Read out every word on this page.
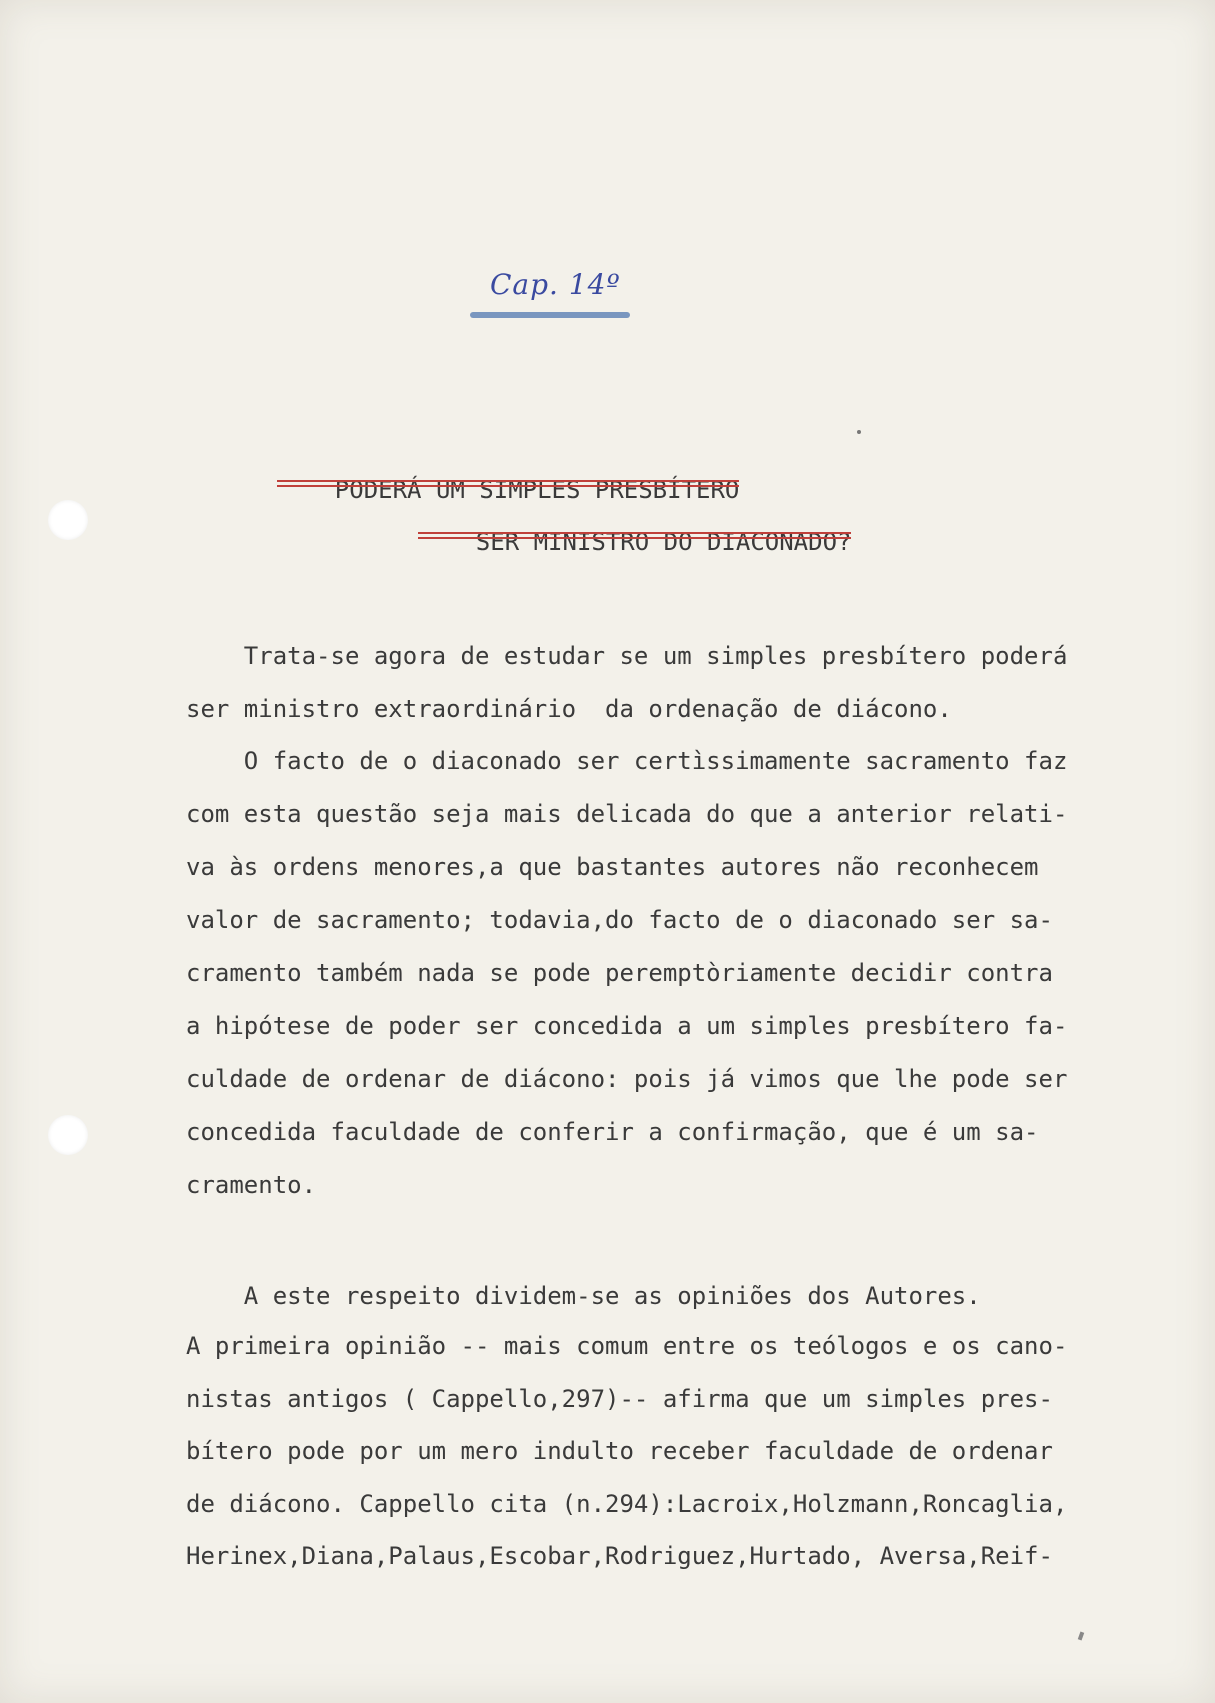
Cap. 14º

PODERÁ UM SIMPLES PRESBÍTERO

SER MINISTRO DO DIACONADO?

Trata-se agora de estudar se um simples presbítero poderá
ser ministro extraordinário  da ordenação de diácono.
O facto de o diaconado ser certìssimamente sacramento faz
com esta questão seja mais delicada do que a anterior relati-
va às ordens menores,a que bastantes autores não reconhecem
valor de sacramento; todavia,do facto de o diaconado ser sa-
cramento também nada se pode peremptòriamente decidir contra
a hipótese de poder ser concedida a um simples presbítero fa-
culdade de ordenar de diácono: pois já vimos que lhe pode ser
concedida faculdade de conferir a confirmação, que é um sa-
cramento.
A este respeito dividem-se as opiniões dos Autores.
A primeira opinião -- mais comum entre os teólogos e os cano-
nistas antigos ( Cappello,297)-- afirma que um simples pres-
bítero pode por um mero indulto receber faculdade de ordenar
de diácono. Cappello cita (n.294):Lacroix,Holzmann,Roncaglia,
Herinex,Diana,Palaus,Escobar,Rodriguez,Hurtado, Aversa,Reif-
